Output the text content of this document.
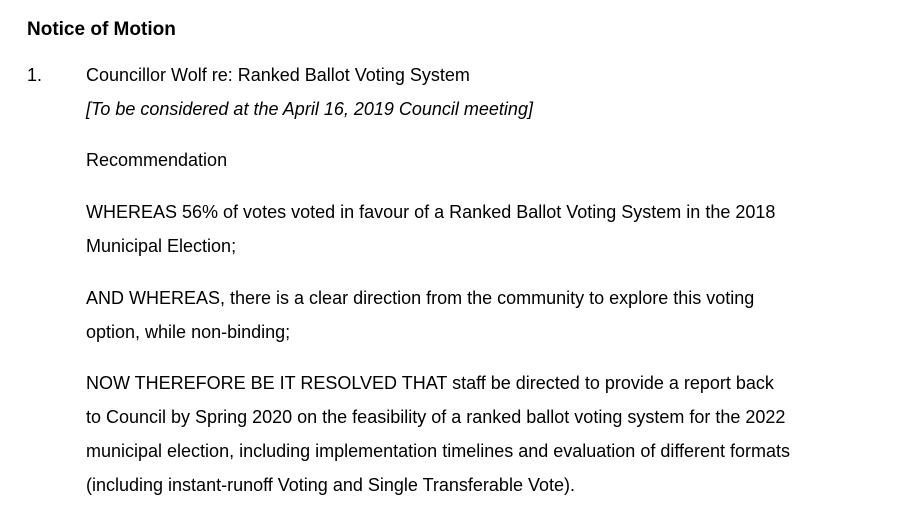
Notice of Motion
1. Councillor Wolf re: Ranked Ballot Voting System
[To be considered at the April 16, 2019 Council meeting]
Recommendation
WHEREAS 56% of votes voted in favour of a Ranked Ballot Voting System in the 2018
Municipal Election;
AND WHEREAS, there is a clear direction from the community to explore this voting
option, while non-binding;
NOW THEREFORE BE IT RESOLVED THAT staff be directed to provide a report back
to Council by Spring 2020 on the feasibility of a ranked ballot voting system for the 2022
municipal election, including implementation timelines and evaluation of different formats
(including instant-runoff Voting and Single Transferable Vote).
